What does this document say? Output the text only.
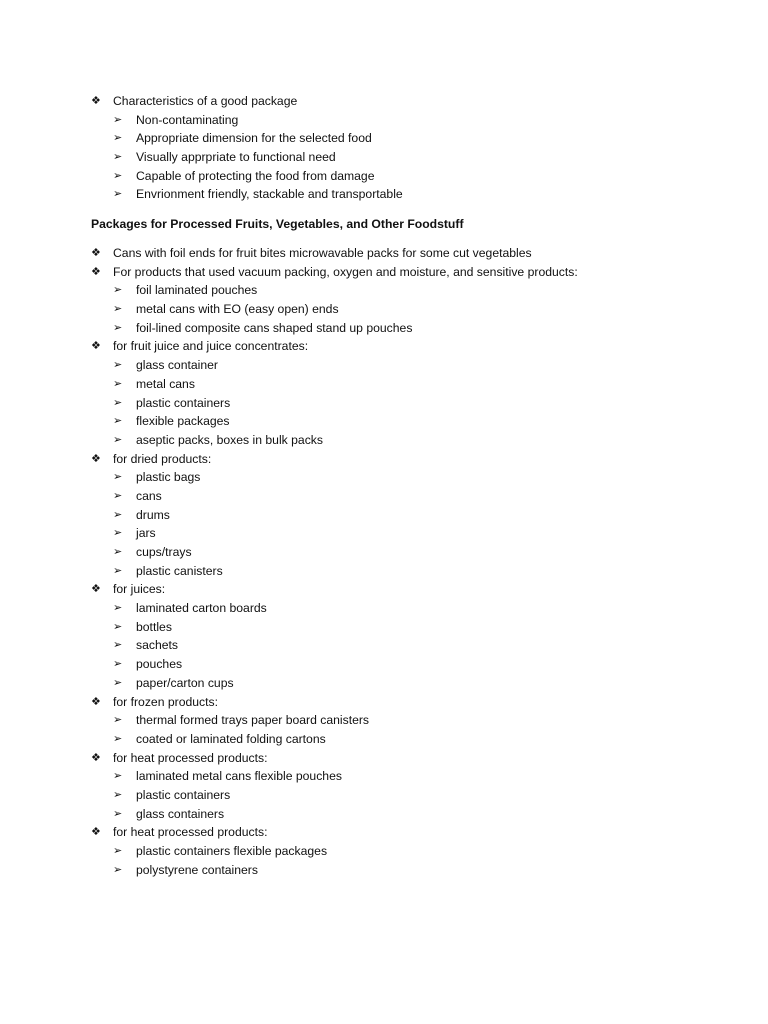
❖ Characteristics of a good package
➢ Non-contaminating
➢ Appropriate dimension for the selected food
➢ Visually apprpriate to functional need
➢ Capable of protecting the food from damage
➢ Envrionment friendly, stackable and transportable
Packages for Processed Fruits, Vegetables, and Other Foodstuff
❖ Cans with foil ends for fruit bites microwavable packs for some cut vegetables
❖ For products that used vacuum packing, oxygen and moisture, and sensitive products:
➢ foil laminated pouches
➢ metal cans with EO (easy open) ends
➢ foil-lined composite cans shaped stand up pouches
❖ for fruit juice and juice concentrates:
➢ glass container
➢ metal cans
➢ plastic containers
➢ flexible packages
➢ aseptic packs, boxes in bulk packs
❖ for dried products:
➢ plastic bags
➢ cans
➢ drums
➢ jars
➢ cups/trays
➢ plastic canisters
❖ for juices:
➢ laminated carton boards
➢ bottles
➢ sachets
➢ pouches
➢ paper/carton cups
❖ for frozen products:
➢ thermal formed trays paper board canisters
➢ coated or laminated folding cartons
❖ for heat processed products:
➢ laminated metal cans flexible pouches
➢ plastic containers
➢ glass containers
❖ for heat processed products:
➢ plastic containers flexible packages
➢ polystyrene containers
